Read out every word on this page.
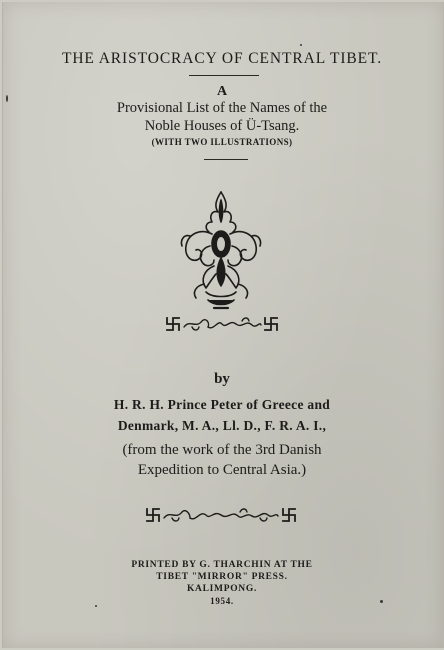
THE ARISTOCRACY OF CENTRAL TIBET.
A
Provisional List of the Names of the
Noble Houses of Ü-Tsang.
(WITH TWO ILLUSTRATIONS)
by
H. R. H. Prince Peter of Greece and
Denmark, M. A., Ll. D., F. R. A. I.,
(from the work of the 3rd Danish
Expedition to Central Asia.)
PRINTED BY G. THARCHIN AT THE
TIBET "MIRROR" PRESS.
KALIMPONG.
1954.
